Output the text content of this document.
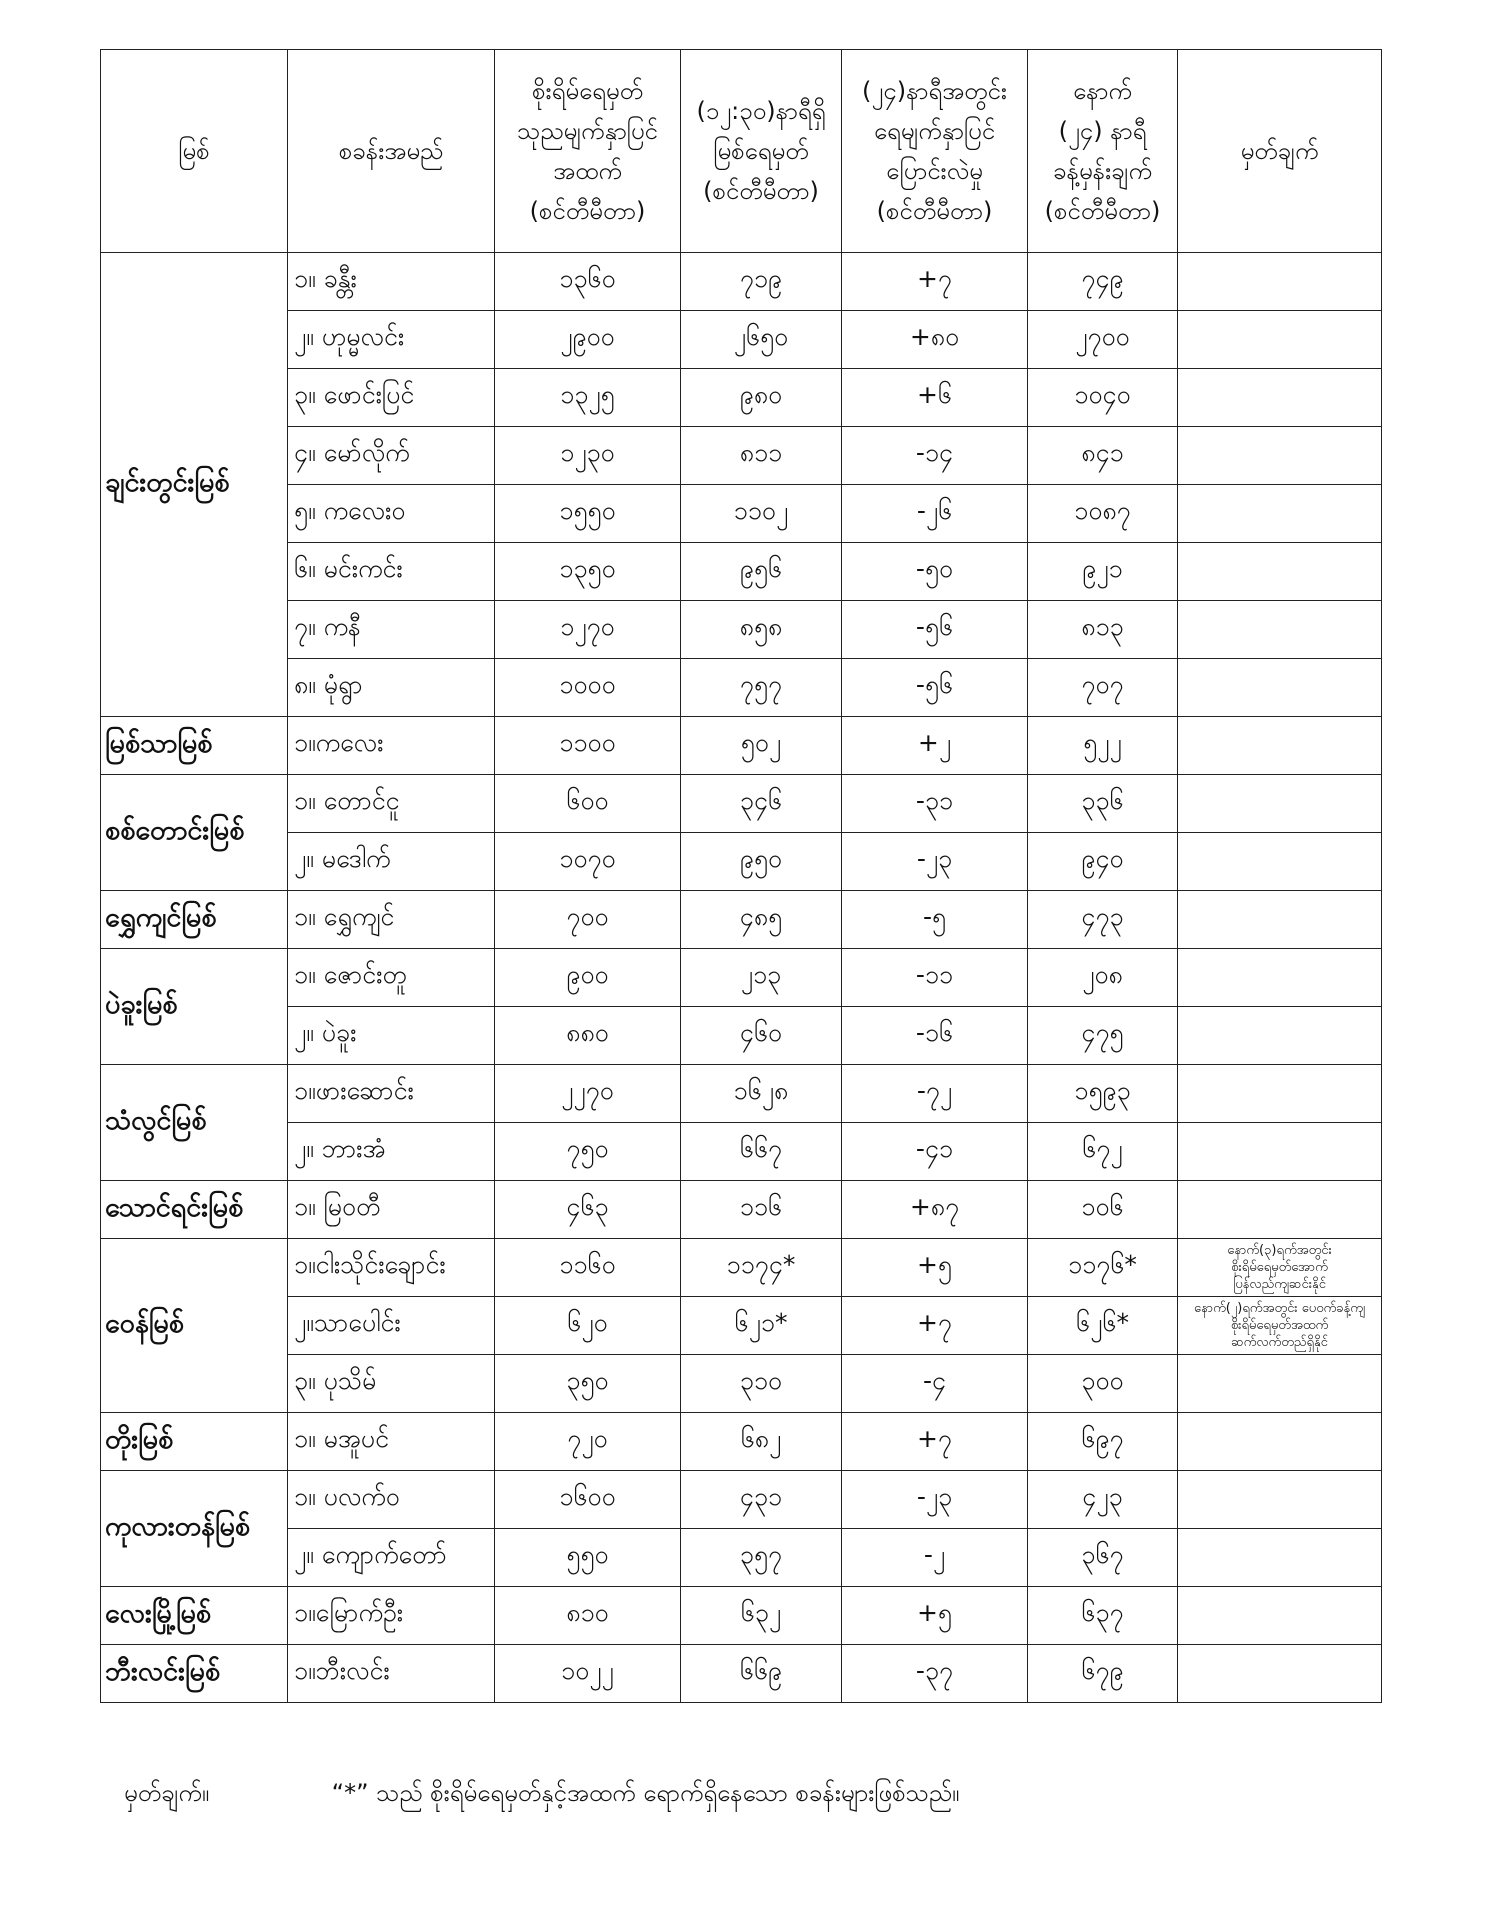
မြစ်	စခန်းအမည်	စိုးရိမ်ရေမှတ်
သုညမျက်နှာပြင်
အထက်
(စင်တီမီတာ)	(၁၂:၃၀)နာရီရှိ
မြစ်ရေမှတ်
(စင်တီမီတာ)	(၂၄)နာရီအတွင်း
ရေမျက်နှာပြင်
ပြောင်းလဲမှု
(စင်တီမီတာ)	နောက်
(၂၄) နာရီ
ခန့်မှန်းချက်
(စင်တီမီတာ)	မှတ်ချက်
ချင်းတွင်းမြစ်	၁။ ခန္တီး	၁၃၆၀	၇၁၉	+၇	၇၄၉	
	၂။ ဟုမ္မလင်း	၂၉၀၀	၂၆၅၀	+၈၀	၂၇၀၀	
	၃။ ဖောင်းပြင်	၁၃၂၅	၉၈၀	+၆	၁၀၄၀	
	၄။ မော်လိုက်	၁၂၃၀	၈၁၁	-၁၄	၈၄၁	
	၅။ ကလေးဝ	၁၅၅၀	၁၁၀၂	-၂၆	၁၀၈၇	
	၆။ မင်းကင်း	၁၃၅၀	၉၅၆	-၅၀	၉၂၁	
	၇။ ကနီ	၁၂၇၀	၈၅၈	-၅၆	၈၁၃	
	၈။ မုံရွာ	၁၀၀၀	၇၅၇	-၅၆	၇၀၇	
မြစ်သာမြစ်	၁။ကလေး	၁၁၀၀	၅၀၂	+၂	၅၂၂	
စစ်တောင်းမြစ်	၁။ တောင်ငူ	၆၀၀	၃၄၆	-၃၁	၃၃၆	
	၂။ မဒေါက်	၁၀၇၀	၉၅၀	-၂၃	၉၄၀	
ရွှေကျင်မြစ်	၁။ ရွှေကျင်	၇၀၀	၄၈၅	-၅	၄၇၃	
ပဲခူးမြစ်	၁။ ဇောင်းတူ	၉၀၀	၂၁၃	-၁၁	၂၀၈	
	၂။ ပဲခူး	၈၈၀	၄၆၀	-၁၆	၄၇၅	
သံလွင်မြစ်	၁။ဖားဆောင်း	၂၂၇၀	၁၆၂၈	-၇၂	၁၅၉၃	
	၂။ ဘားအံ	၇၅၀	၆၆၇	-၄၁	၆၇၂	
သောင်ရင်းမြစ်	၁။ မြဝတီ	၄၆၃	၁၁၆	+၈၇	၁၀၆	
ဝေန်မြစ်	၁။ငါးသိုင်းချောင်း	၁၁၆၀	၁၁၇၄*	+၅	၁၁၇၆*	နောက်(၃)ရက်အတွင်း
စိုးရိမ်ရေမှတ်အောက်
ပြန်လည်ကျဆင်းနိုင်
	၂။သာပေါင်း	၆၂၀	၆၂၁*	+၇	၆၂၆*	နောက်(၂)ရက်အတွင်း ပေဝက်ခန့်ကျ
စိုးရိမ်ရေမှတ်အထက်
ဆက်လက်တည်ရှိနိုင်
	၃။ ပုသိမ်	၃၅၀	၃၁၀	-၄	၃၀၀	
တိုးမြစ်	၁။ မအူပင်	၇၂၀	၆၈၂	+၇	၆၉၇	
ကုလားတန်မြစ်	၁။ ပလက်ဝ	၁၆၀၀	၄၃၁	-၂၃	၄၂၃	
	၂။ ကျောက်တော်	၅၅၀	၃၅၇	-၂	၃၆၇	
လေးမြို့မြစ်	၁။မြောက်ဦး	၈၁၀	၆၃၂	+၅	၆၃၇	
ဘီးလင်းမြစ်	၁။ဘီးလင်း	၁၀၂၂	၆၆၉	-၃၇	၆၇၉	
မှတ်ချက်။	“*” သည် စိုးရိမ်ရေမှတ်နှင့်အထက် ရောက်ရှိနေသော စခန်းများဖြစ်သည်။
